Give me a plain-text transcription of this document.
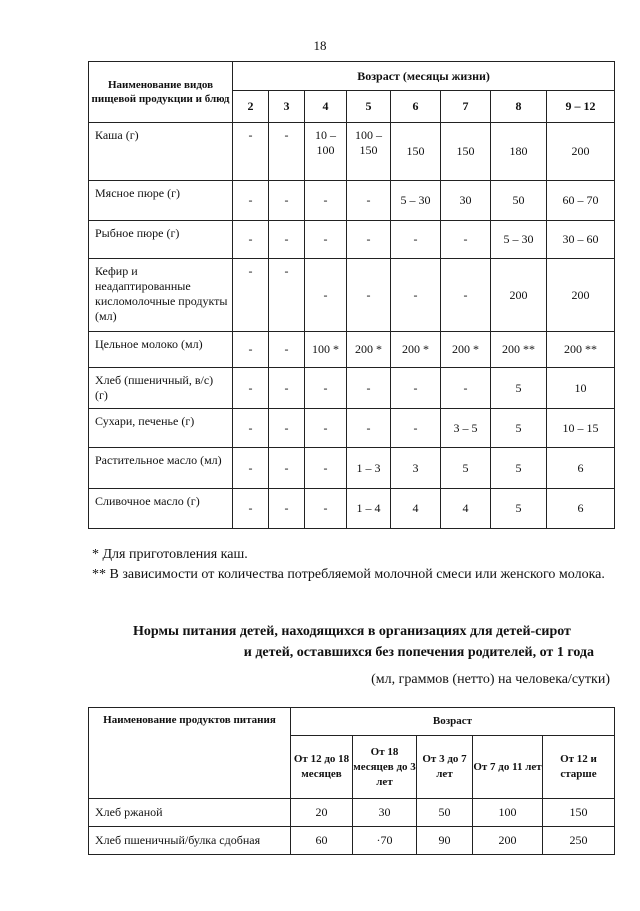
18
Наименование видов пищевой продукции и блюд	Возраст (месяцы жизни)							
	2	3	4	5	6	7	8	9 – 12
Каша (г)	-	-	10 – 100	100 – 150	150	150	180	200
Мясное пюре (г)	-	-	-	-	5 – 30	30	50	60 – 70
Рыбное пюре (г)	-	-	-	-	-	-	5 – 30	30 – 60
Кефир и неадаптированные кисломолочные продукты (мл)	-	-	-	-	-	-	200	200
Цельное молоко (мл)	-	-	100 *	200 *	200 *	200 *	200 **	200 **
Хлеб (пшеничный, в/с) (г)	-	-	-	-	-	-	5	10
Сухари, печенье (г)	-	-	-	-	-	3 – 5	5	10 – 15
Растительное масло (мл)	-	-	-	1 – 3	3	5	5	6
Сливочное масло (г)	-	-	-	1 – 4	4	4	5	6
* Для приготовления каш.
** В зависимости от количества потребляемой молочной смеси или женского молока.
Нормы питания детей, находящихся в организациях для детей-сирот
и детей, оставшихся без попечения родителей, от 1 года
(мл, граммов (нетто) на человека/сутки)
Наименование продуктов питания	Возраст				
	От 12 до 18 месяцев	От 18 месяцев до 3 лет	От 3 до 7 лет	От 7 до 11 лет	От 12 и старше
Хлеб ржаной	20	30	50	100	150
Хлеб пшеничный/булка сдобная	60	·70	90	200	250
